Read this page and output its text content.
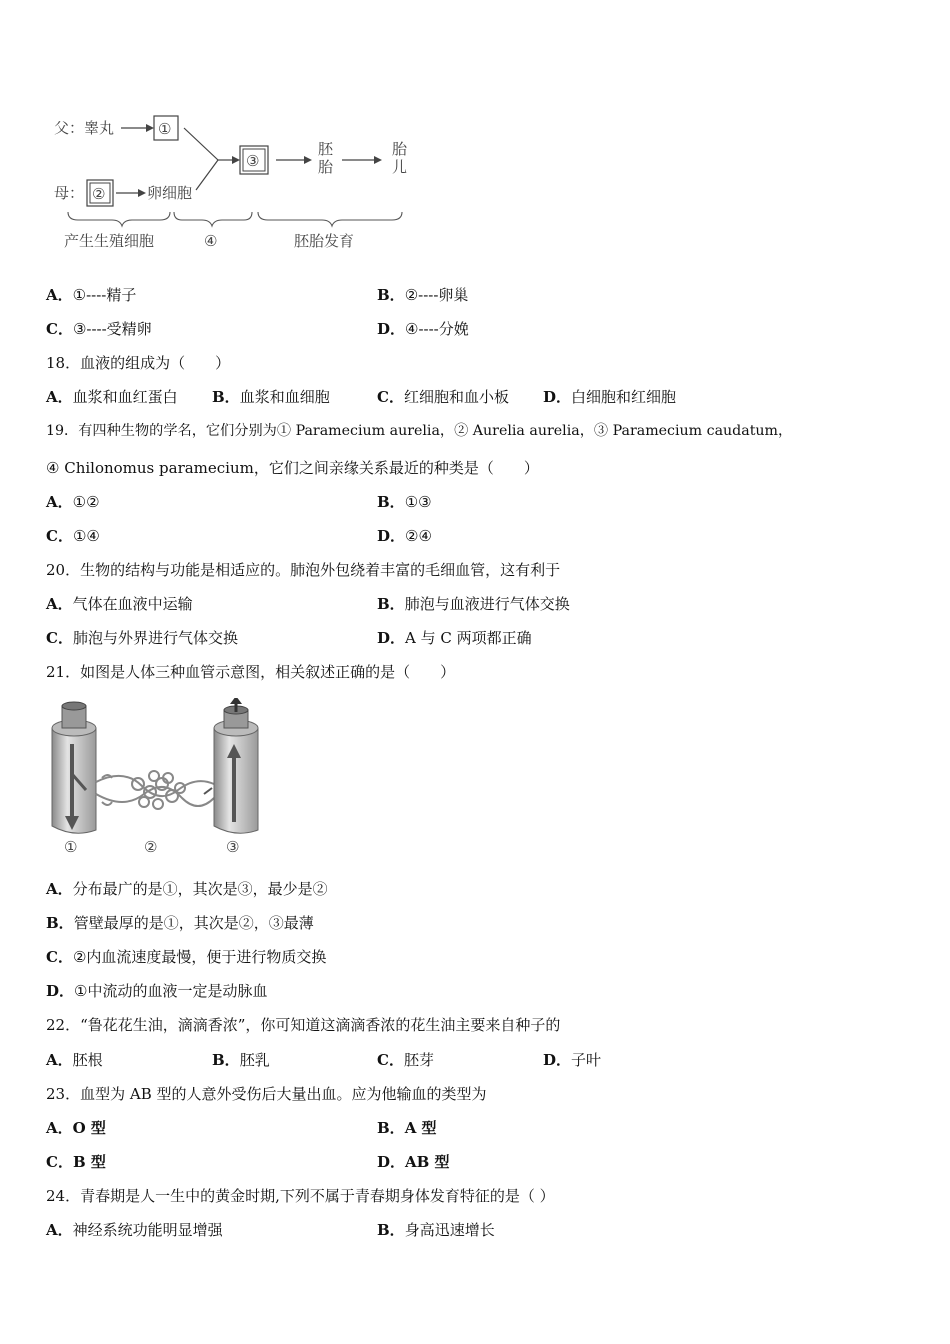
父：睾丸	①
母： ②	卵细胞
③
胚
胎
胎
儿
产生生殖细胞	④	胚胎发育
A．①----精子	B．②----卵巢
C．③----受精卵	D．④----分娩
18．血液的组成为（　　）
A．血浆和血红蛋白 B．血浆和血细胞	C．红细胞和血小板 D．白细胞和红细胞
19．有四种生物的学名，它们分别为① Paramecium aurelia，② Aurelia aurelia，③ Paramecium caudatum，
④ Chilonomus paramecium，它们之间亲缘关系最近的种类是（　　）
A．①②	B．①③
C．①④	D．②④
20．生物的结构与功能是相适应的。肺泡外包绕着丰富的毛细血管，这有利于
A．气体在血液中运输	B．肺泡与血液进行气体交换
C．肺泡与外界进行气体交换	D．A 与 C 两项都正确
21．如图是人体三种血管示意图，相关叙述正确的是（　　）
①	②	③
A．分布最广的是①，其次是③，最少是②
B．管壁最厚的是①，其次是②，③最薄
C．②内血流速度最慢，便于进行物质交换
D．①中流动的血液一定是动脉血
22．“鲁花花生油，滴滴香浓”，你可知道这滴滴香浓的花生油主要来自种子的
A．胚根	B．胚乳	C．胚芽	D．子叶
23．血型为 AB 型的人意外受伤后大量出血。应为他输血的类型为
A．O 型	B．A 型
C．B 型	D．AB 型
24．青春期是人一生中的黄金时期,下列不属于青春期身体发育特征的是（ ）
A．神经系统功能明显增强	B．身高迅速增长
